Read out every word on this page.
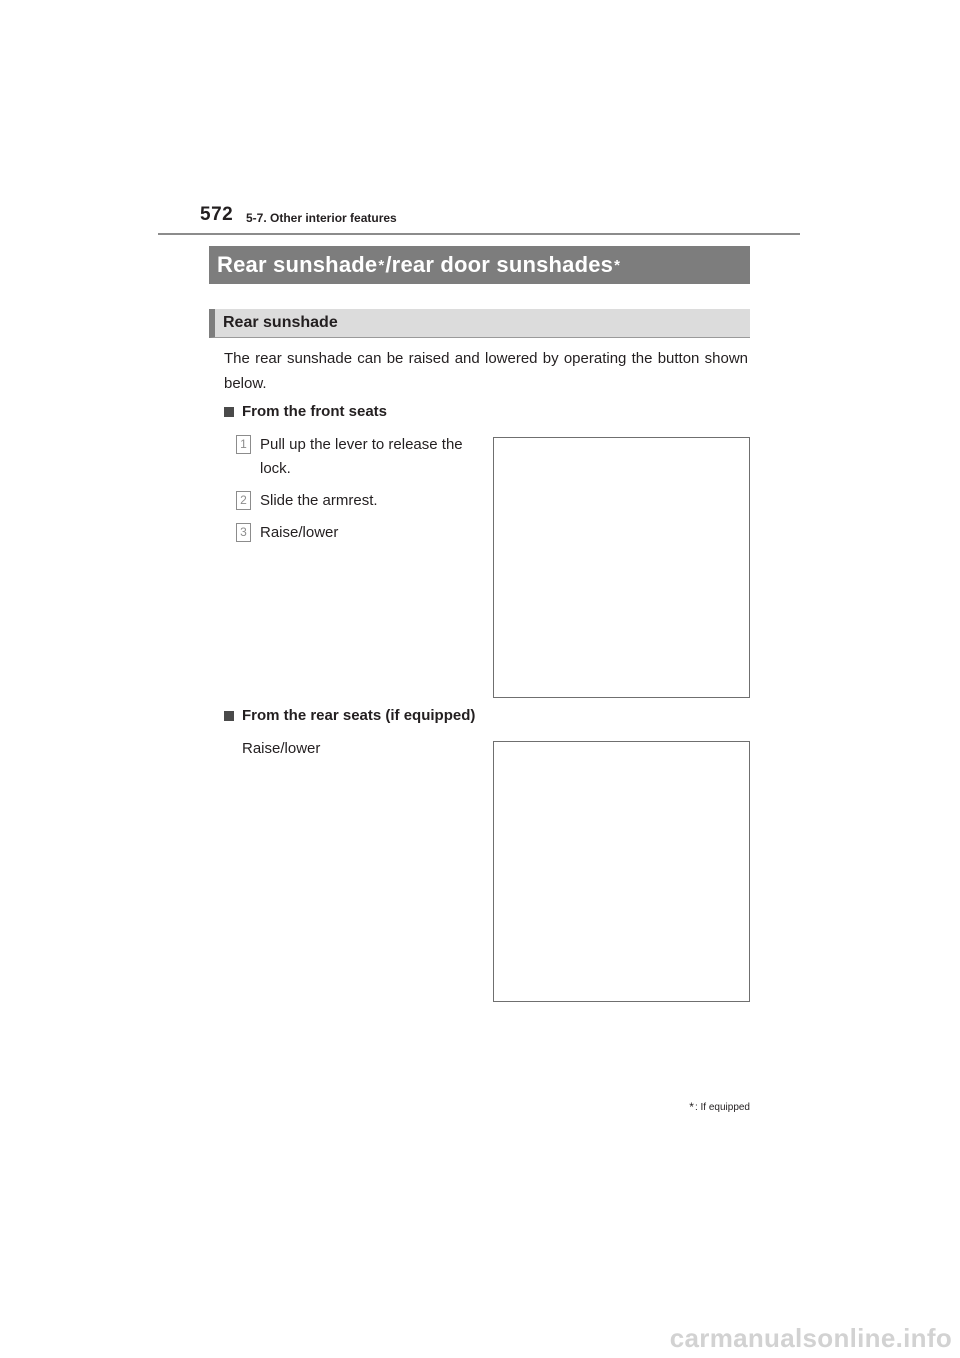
572 5-7. Other interior features
Rear sunshade * /rear door sunshades *
Rear sunshade

The rear sunshade can be raised and lowered by operating the button shown below.

From the front seats
1 Pull up the lever to release the lock.
2 Slide the armrest.
3 Raise/lower
From the rear seats (if equipped)
Raise/lower
* : If equipped
carmanualsonline.info
